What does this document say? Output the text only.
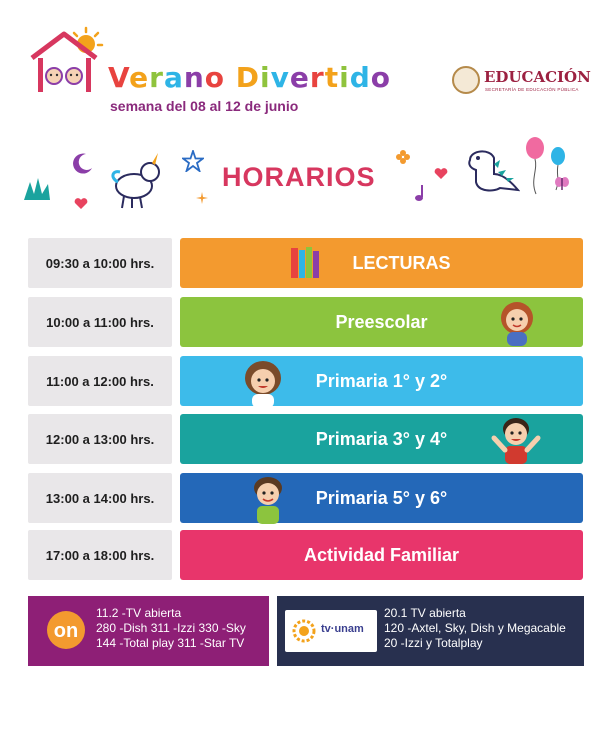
Verano Divertido
semana del 08 al 12 de junio
EDUCACIÓN
SECRETARÍA DE EDUCACIÓN PÚBLICA
HORARIOS
09:30 a 10:00 hrs.	LECTURAS
10:00 a 11:00 hrs.	Preescolar
11:00 a 12:00 hrs.	Primaria 1° y 2°
12:00 a 13:00 hrs.	Primaria 3° y 4°
13:00 a 14:00 hrs.	Primaria 5° y 6°
17:00 a 18:00 hrs.	Actividad Familiar
on
11.2 -TV abierta
280 -Dish 311 -Izzi 330 -Sky
144 -Total play 311 -Star TV
tv·unam
20.1 TV abierta
120 -Axtel, Sky, Dish y Megacable
20 -Izzi y Totalplay
